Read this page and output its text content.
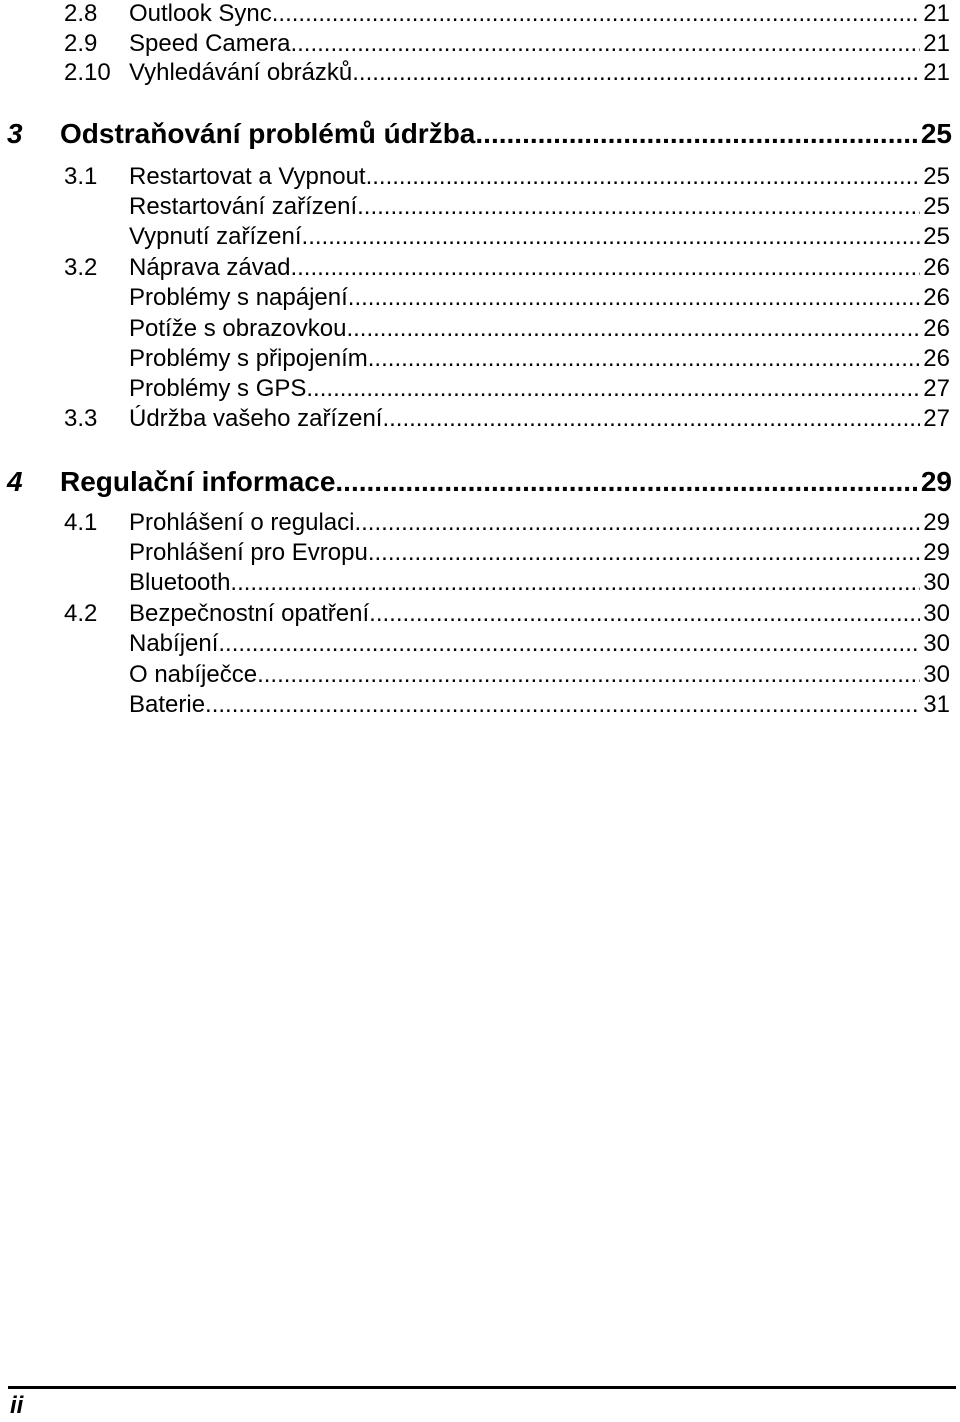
2.8 Outlook Sync. .....	21
2.9 Speed Camera .....	21
2.10 Vyhledávání obrázků .....	21
3 Odstraňování problémů údržba .....	25
3.1 Restartovat a Vypnout .....	25
Restartování zařízení .....	25
Vypnutí zařízení .....	25
3.2 Náprava závad .....	26
Problémy s napájení .....	26
Potíže s obrazovkou .....	26
Problémy s připojením .....	26
Problémy s GPS .....	27
3.3 Údržba vašeho zařízení .....	27
4 Regulační informace .....	29
4.1 Prohlášení o regulaci .....	29
Prohlášení pro Evropu .....	29
Bluetooth .....	30
4.2 Bezpečnostní opatření .....	30
Nabíjení .....	30
O nabíječce .....	30
Baterie .....	31
ii
